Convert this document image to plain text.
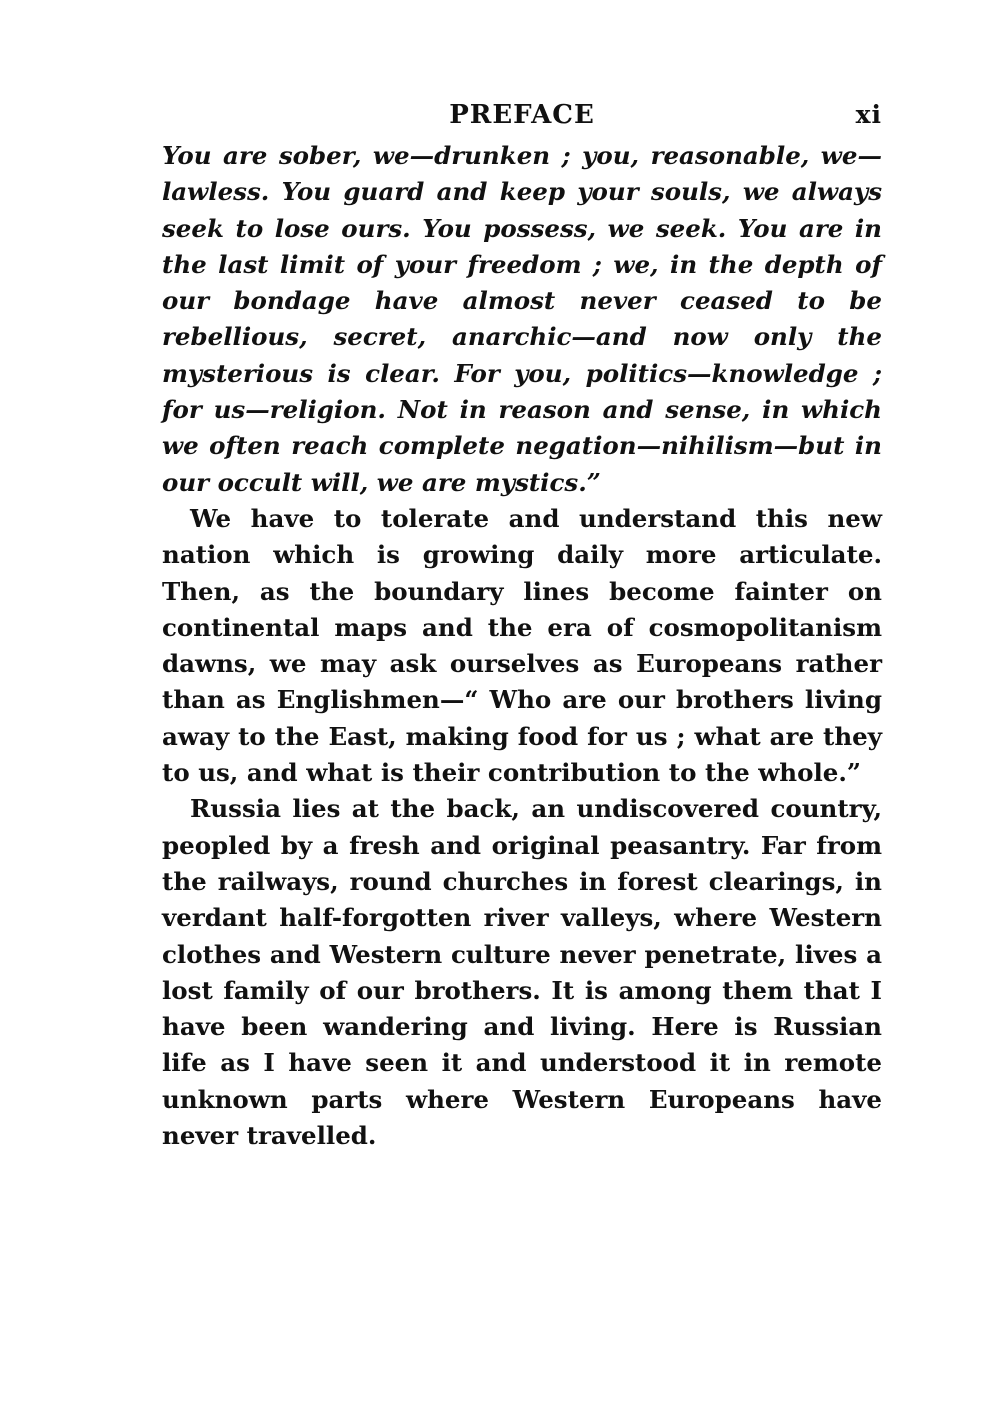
PREFACE	xi

You are sober, we—drunken ; you, reasonable, we—lawless. You guard and keep your souls, we always seek to lose ours. You possess, we seek. You are in the last limit of your freedom ; we, in the depth of our bondage have almost never ceased to be rebellious, secret, anarchic—and now only the mysterious is clear. For you, politics—knowledge ; for us—religion. Not in reason and sense, in which we often reach complete negation—nihilism—but in our occult will, we are mystics.”

We have to tolerate and understand this new nation which is growing daily more articulate. Then, as the boundary lines become fainter on continental maps and the era of cosmopolitanism dawns, we may ask ourselves as Europeans rather than as Englishmen—“ Who are our brothers living away to the East, making food for us ; what are they to us, and what is their contribution to the whole.”

Russia lies at the back, an undiscovered country, peopled by a fresh and original peasantry. Far from the railways, round churches in forest clearings, in verdant half-forgotten river valleys, where Western clothes and Western culture never penetrate, lives a lost family of our brothers. It is among them that I have been wandering and living. Here is Russian life as I have seen it and understood it in remote unknown parts where Western Europeans have never travelled.
